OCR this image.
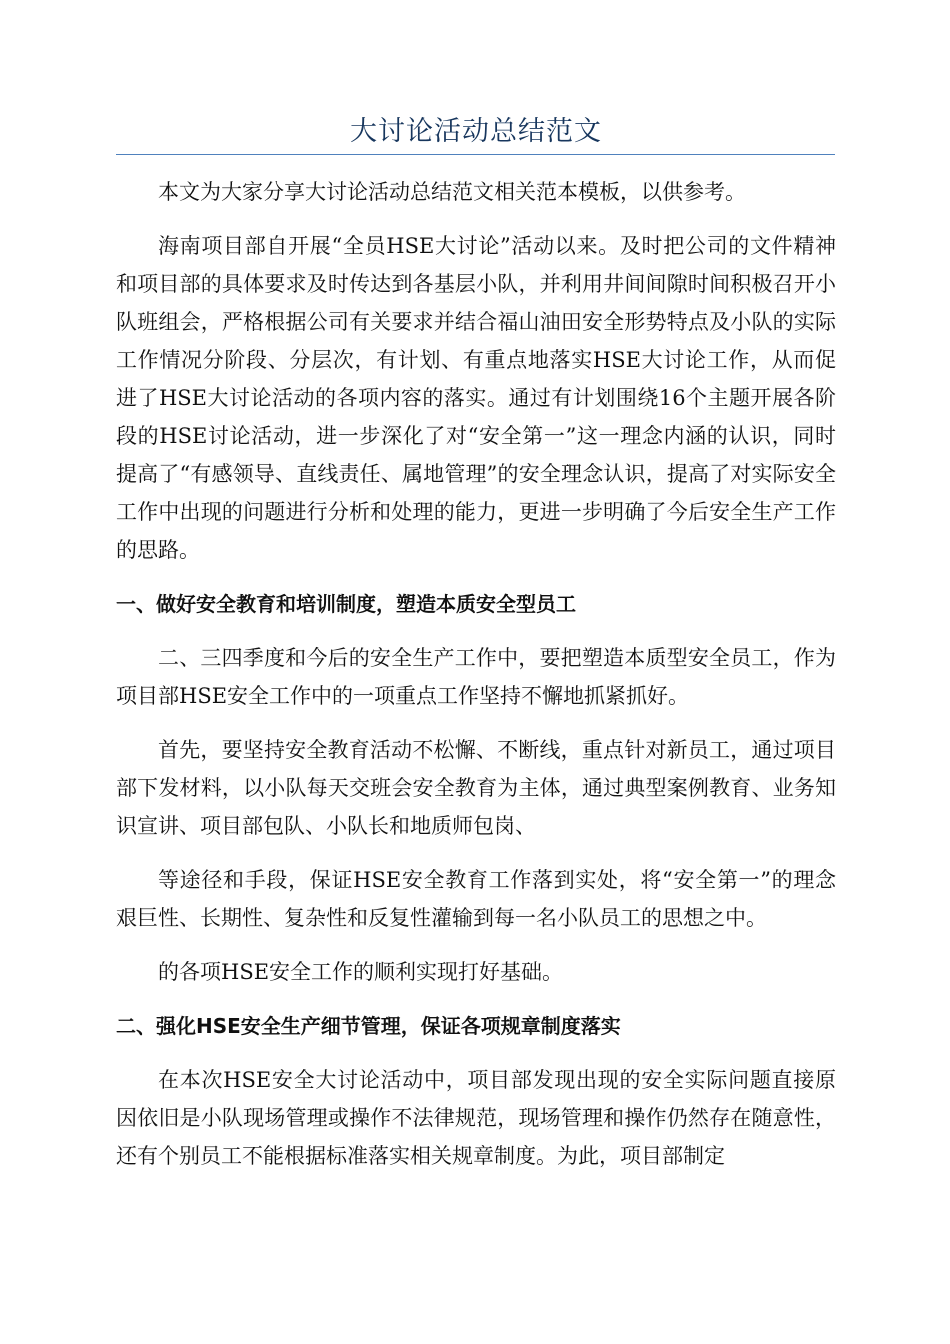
大讨论活动总结范文

本文为大家分享大讨论活动总结范文相关范本模板，以供参考。

海南项目部自开展“全员HSE大讨论”活动以来。及时把公司的文件精神和项目部的具体要求及时传达到各基层小队，并利用井间间隙时间积极召开小队班组会，严格根据公司有关要求并结合福山油田安全形势特点及小队的实际工作情况分阶段、分层次，有计划、有重点地落实HSE大讨论工作，从而促进了HSE大讨论活动的各项内容的落实。通过有计划围绕16个主题开展各阶段的HSE讨论活动，进一步深化了对“安全第一”这一理念内涵的认识，同时提高了“有感领导、直线责任、属地管理”的安全理念认识，提高了对实际安全工作中出现的问题进行分析和处理的能力，更进一步明确了今后安全生产工作的思路。

一、做好安全教育和培训制度，塑造本质安全型员工

二、三四季度和今后的安全生产工作中，要把塑造本质型安全员工，作为项目部HSE安全工作中的一项重点工作坚持不懈地抓紧抓好。

首先，要坚持安全教育活动不松懈、不断线，重点针对新员工，通过项目部下发材料，以小队每天交班会安全教育为主体，通过典型案例教育、业务知识宣讲、项目部包队、小队长和地质师包岗、

等途径和手段，保证HSE安全教育工作落到实处，将“安全第一”的理念艰巨性、长期性、复杂性和反复性灌输到每一名小队员工的思想之中。

的各项HSE安全工作的顺利实现打好基础。

二、强化HSE安全生产细节管理，保证各项规章制度落实

在本次HSE安全大讨论活动中，项目部发现出现的安全实际问题直接原因依旧是小队现场管理或操作不法律规范，现场管理和操作仍然存在随意性，还有个别员工不能根据标准落实相关规章制度。为此，项目部制定
